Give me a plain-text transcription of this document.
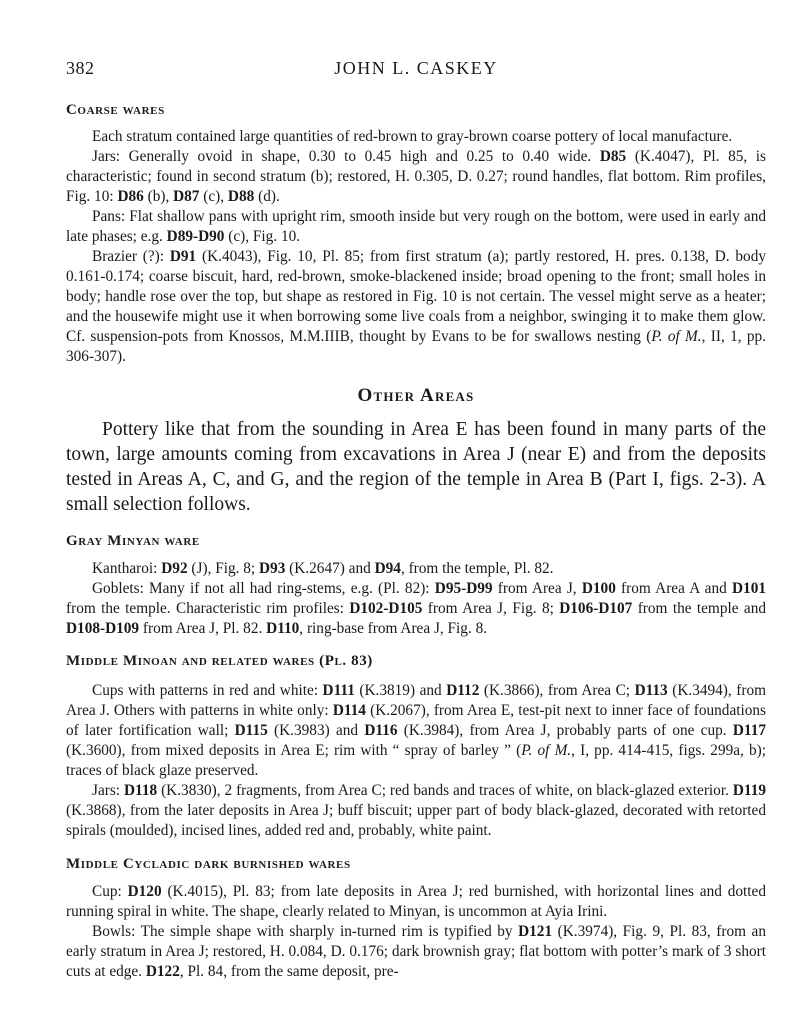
382	JOHN L. CASKEY
Coarse wares

Each stratum contained large quantities of red-brown to gray-brown coarse pottery of local manufacture.

Jars: Generally ovoid in shape, 0.30 to 0.45 high and 0.25 to 0.40 wide. D85 (K.4047), Pl. 85, is characteristic; found in second stratum (b); restored, H. 0.305, D. 0.27; round handles, flat bottom. Rim profiles, Fig. 10: D86 (b), D87 (c), D88 (d).

Pans: Flat shallow pans with upright rim, smooth inside but very rough on the bottom, were used in early and late phases; e.g. D89-D90 (c), Fig. 10.

Brazier (?): D91 (K.4043), Fig. 10, Pl. 85; from first stratum (a); partly restored, H. pres. 0.138, D. body 0.161-0.174; coarse biscuit, hard, red-brown, smoke-blackened inside; broad opening to the front; small holes in body; handle rose over the top, but shape as restored in Fig. 10 is not certain. The vessel might serve as a heater; and the housewife might use it when borrowing some live coals from a neighbor, swinging it to make them glow. Cf. suspension-pots from Knossos, M.M.IIIB, thought by Evans to be for swallows nesting (P. of M., II, 1, pp. 306-307).

Other Areas

Pottery like that from the sounding in Area E has been found in many parts of the town, large amounts coming from excavations in Area J (near E) and from the deposits tested in Areas A, C, and G, and the region of the temple in Area B (Part I, figs. 2-3). A small selection follows.

Gray Minyan ware

Kantharoi: D92 (J), Fig. 8; D93 (K.2647) and D94, from the temple, Pl. 82.

Goblets: Many if not all had ring-stems, e.g. (Pl. 82): D95-D99 from Area J, D100 from Area A and D101 from the temple. Characteristic rim profiles: D102-D105 from Area J, Fig. 8; D106-D107 from the temple and D108-D109 from Area J, Pl. 82. D110, ring-base from Area J, Fig. 8.

Middle Minoan and related wares (Pl. 83)

Cups with patterns in red and white: D111 (K.3819) and D112 (K.3866), from Area C; D113 (K.3494), from Area J. Others with patterns in white only: D114 (K.2067), from Area E, test-pit next to inner face of foundations of later fortification wall; D115 (K.3983) and D116 (K.3984), from Area J, probably parts of one cup. D117 (K.3600), from mixed deposits in Area E; rim with “ spray of barley ” (P. of M., I, pp. 414-415, figs. 299a, b); traces of black glaze preserved.

Jars: D118 (K.3830), 2 fragments, from Area C; red bands and traces of white, on black-glazed exterior. D119 (K.3868), from the later deposits in Area J; buff biscuit; upper part of body black-glazed, decorated with retorted spirals (moulded), incised lines, added red and, probably, white paint.

Middle Cycladic dark burnished wares

Cup: D120 (K.4015), Pl. 83; from late deposits in Area J; red burnished, with horizontal lines and dotted running spiral in white. The shape, clearly related to Minyan, is uncommon at Ayia Irini.

Bowls: The simple shape with sharply in-turned rim is typified by D121 (K.3974), Fig. 9, Pl. 83, from an early stratum in Area J; restored, H. 0.084, D. 0.176; dark brownish gray; flat bottom with potter’s mark of 3 short cuts at edge. D122, Pl. 84, from the same deposit, pre-
